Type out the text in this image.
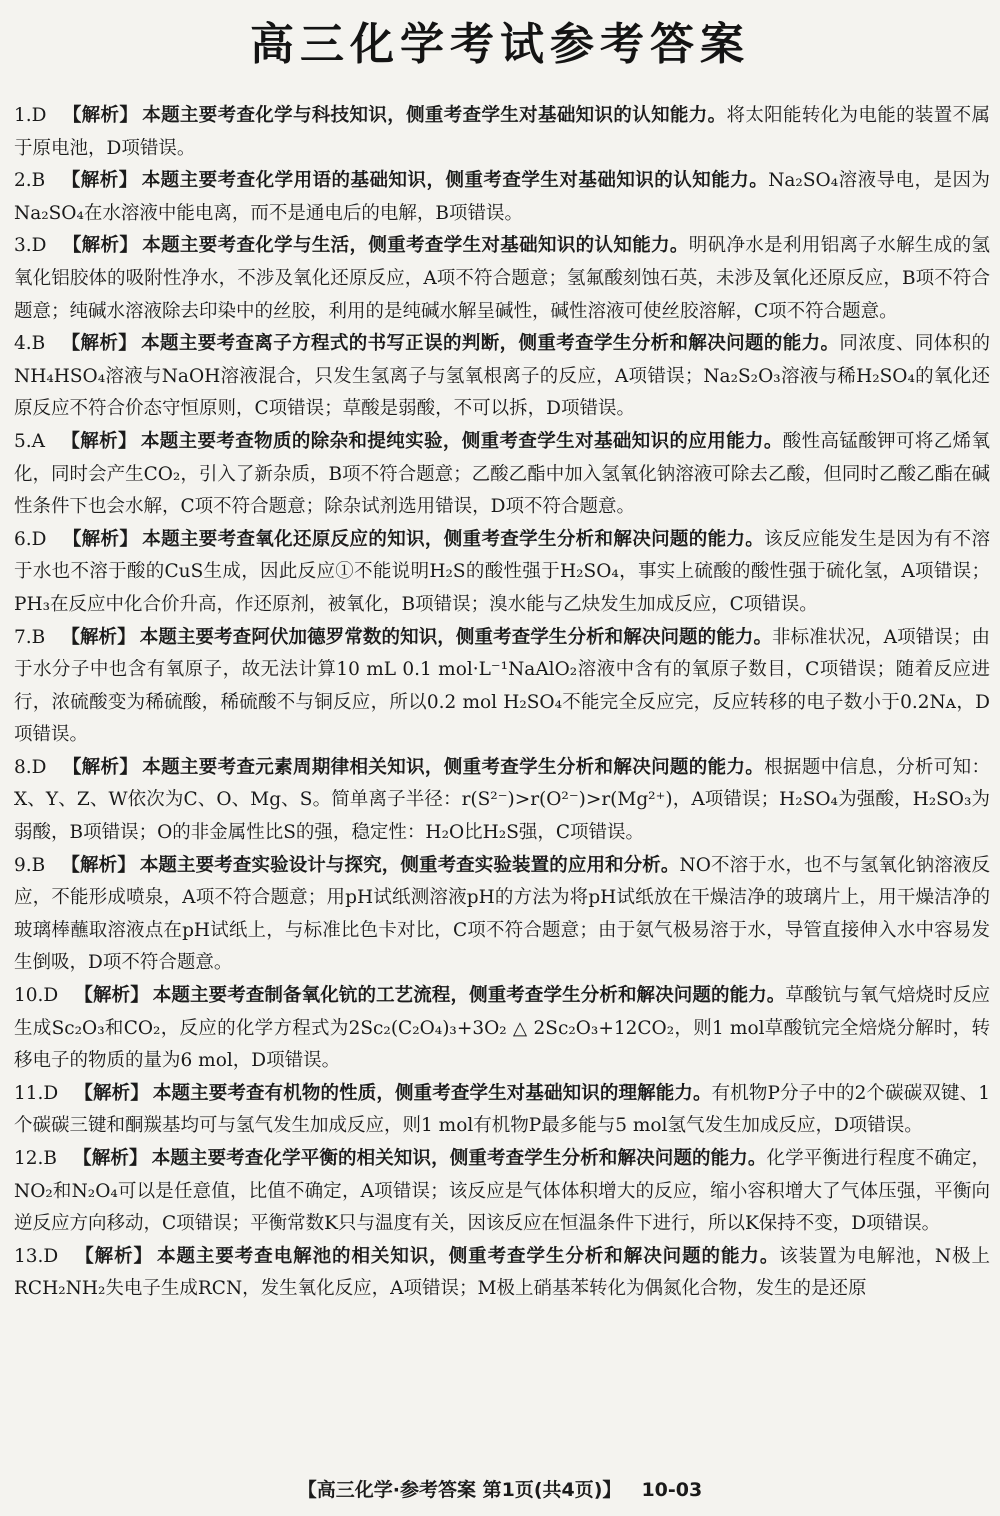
高三化学考试参考答案

1.D 【解析】 本题主要考查化学与科技知识，侧重考查学生对基础知识的认知能力。将太阳能转化为电能的装置不属于原电池，D项错误。

2.B 【解析】 本题主要考查化学用语的基础知识，侧重考查学生对基础知识的认知能力。Na₂SO₄溶液导电，是因为Na₂SO₄在水溶液中能电离，而不是通电后的电解，B项错误。

3.D 【解析】 本题主要考查化学与生活，侧重考查学生对基础知识的认知能力。明矾净水是利用铝离子水解生成的氢氧化铝胶体的吸附性净水，不涉及氧化还原反应，A项不符合题意；氢氟酸刻蚀石英，未涉及氧化还原反应，B项不符合题意；纯碱水溶液除去印染中的丝胶，利用的是纯碱水解呈碱性，碱性溶液可使丝胶溶解，C项不符合题意。

4.B 【解析】 本题主要考查离子方程式的书写正误的判断，侧重考查学生分析和解决问题的能力。同浓度、同体积的NH₄HSO₄溶液与NaOH溶液混合，只发生氢离子与氢氧根离子的反应，A项错误；Na₂S₂O₃溶液与稀H₂SO₄的氧化还原反应不符合价态守恒原则，C项错误；草酸是弱酸，不可以拆，D项错误。

5.A 【解析】 本题主要考查物质的除杂和提纯实验，侧重考查学生对基础知识的应用能力。酸性高锰酸钾可将乙烯氧化，同时会产生CO₂，引入了新杂质，B项不符合题意；乙酸乙酯中加入氢氧化钠溶液可除去乙酸，但同时乙酸乙酯在碱性条件下也会水解，C项不符合题意；除杂试剂选用错误，D项不符合题意。

6.D 【解析】 本题主要考查氧化还原反应的知识，侧重考查学生分析和解决问题的能力。该反应能发生是因为有不溶于水也不溶于酸的CuS生成，因此反应①不能说明H₂S的酸性强于H₂SO₄，事实上硫酸的酸性强于硫化氢，A项错误；PH₃在反应中化合价升高，作还原剂，被氧化，B项错误；溴水能与乙炔发生加成反应，C项错误。

7.B 【解析】 本题主要考查阿伏加德罗常数的知识，侧重考查学生分析和解决问题的能力。非标准状况，A项错误；由于水分子中也含有氧原子，故无法计算10 mL 0.1 mol·L⁻¹NaAlO₂溶液中含有的氧原子数目，C项错误；随着反应进行，浓硫酸变为稀硫酸，稀硫酸不与铜反应，所以0.2 mol H₂SO₄不能完全反应完，反应转移的电子数小于0.2Nᴀ，D项错误。

8.D 【解析】 本题主要考查元素周期律相关知识，侧重考查学生分析和解决问题的能力。根据题中信息，分析可知：X、Y、Z、W依次为C、O、Mg、S。简单离子半径：r(S²⁻)>r(O²⁻)>r(Mg²⁺)，A项错误；H₂SO₄为强酸，H₂SO₃为弱酸，B项错误；O的非金属性比S的强，稳定性：H₂O比H₂S强，C项错误。

9.B 【解析】 本题主要考查实验设计与探究，侧重考查实验装置的应用和分析。NO不溶于水，也不与氢氧化钠溶液反应，不能形成喷泉，A项不符合题意；用pH试纸测溶液pH的方法为将pH试纸放在干燥洁净的玻璃片上，用干燥洁净的玻璃棒蘸取溶液点在pH试纸上，与标准比色卡对比，C项不符合题意；由于氨气极易溶于水，导管直接伸入水中容易发生倒吸，D项不符合题意。

10.D 【解析】 本题主要考查制备氧化钪的工艺流程，侧重考查学生分析和解决问题的能力。草酸钪与氧气焙烧时反应生成Sc₂O₃和CO₂，反应的化学方程式为2Sc₂(C₂O₄)₃+3O₂ △ 2Sc₂O₃+12CO₂，则1 mol草酸钪完全焙烧分解时，转移电子的物质的量为6 mol，D项错误。

11.D 【解析】 本题主要考查有机物的性质，侧重考查学生对基础知识的理解能力。有机物P分子中的2个碳碳双键、1个碳碳三键和酮羰基均可与氢气发生加成反应，则1 mol有机物P最多能与5 mol氢气发生加成反应，D项错误。

12.B 【解析】 本题主要考查化学平衡的相关知识，侧重考查学生分析和解决问题的能力。化学平衡进行程度不确定，NO₂和N₂O₄可以是任意值，比值不确定，A项错误；该反应是气体体积增大的反应，缩小容积增大了气体压强，平衡向逆反应方向移动，C项错误；平衡常数K只与温度有关，因该反应在恒温条件下进行，所以K保持不变，D项错误。

13.D 【解析】 本题主要考查电解池的相关知识，侧重考查学生分析和解决问题的能力。该装置为电解池，N极上RCH₂NH₂失电子生成RCN，发生氧化反应，A项错误；M极上硝基苯转化为偶氮化合物，发生的是还原

【高三化学·参考答案 第1页(共4页)】 10-03
